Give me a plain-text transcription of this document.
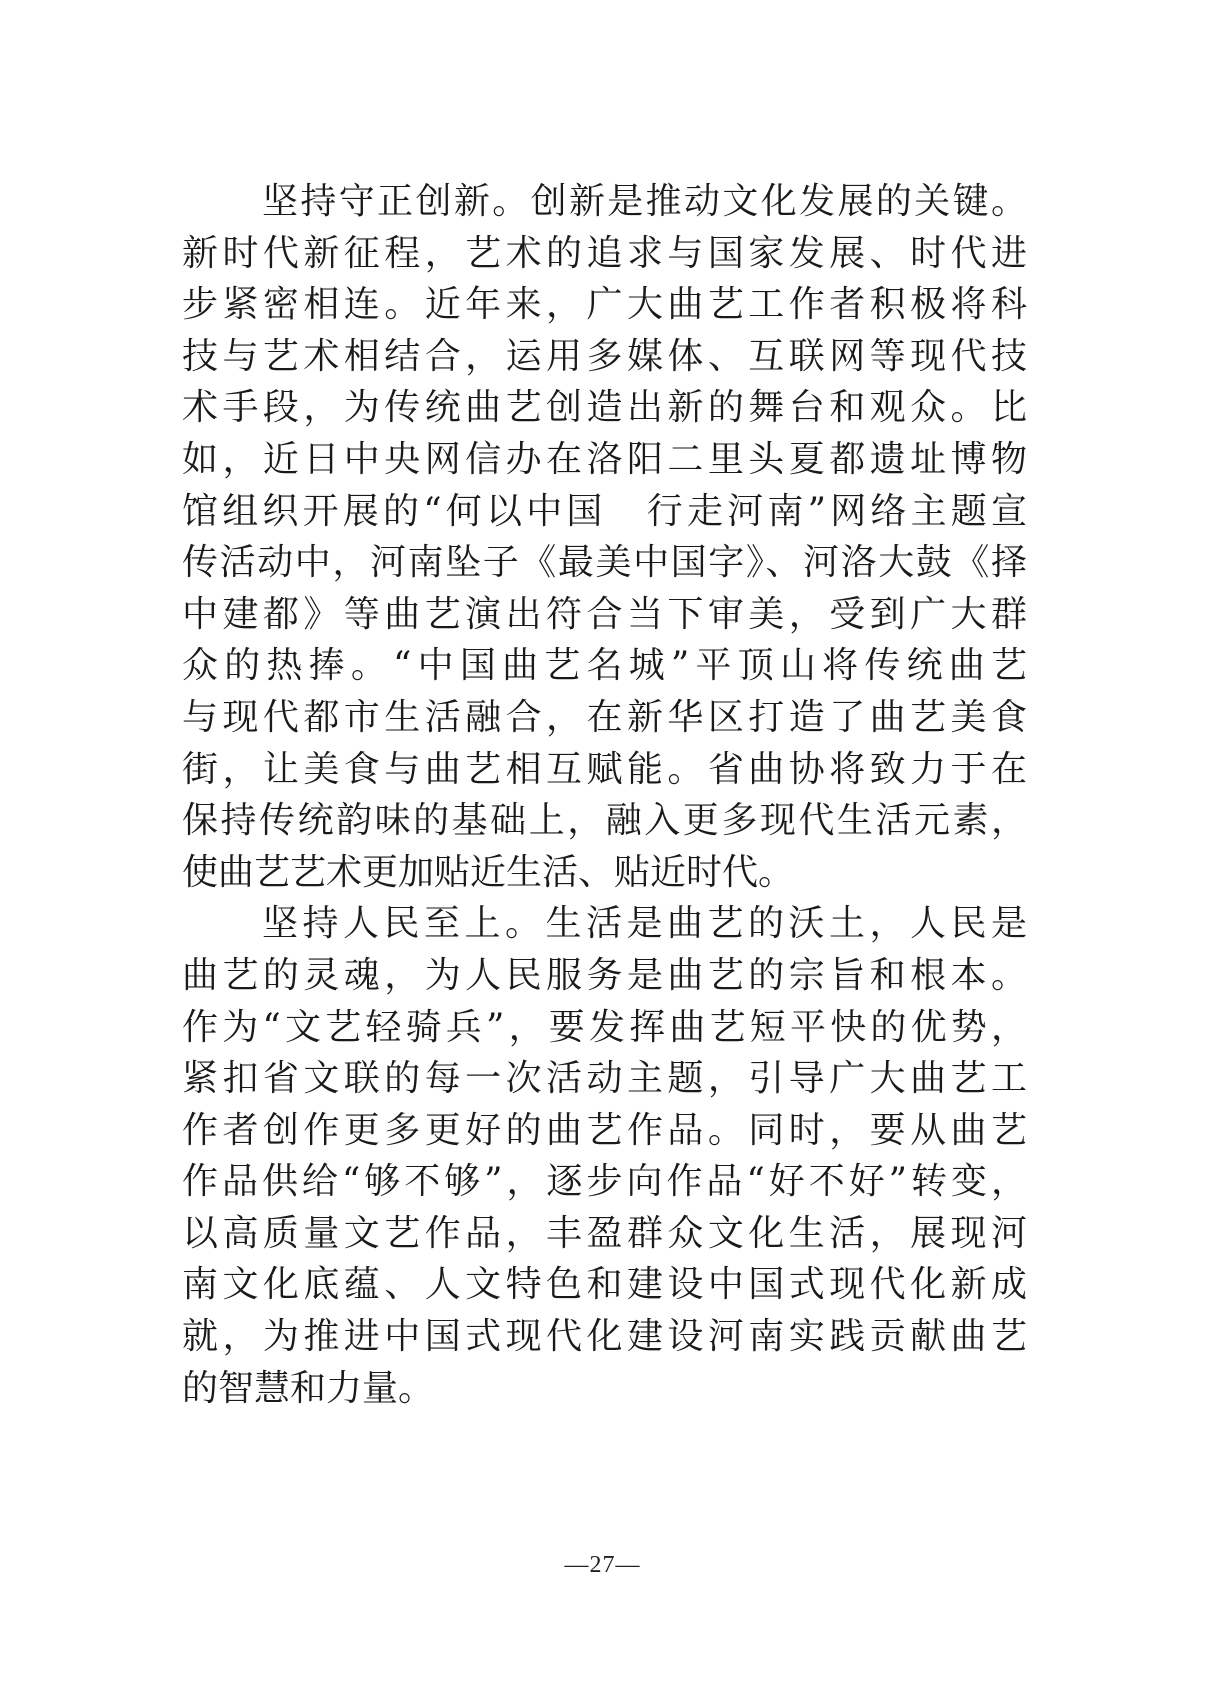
坚持守正创新。创新是推动文化发展的关键。
新时代新征程，艺术的追求与国家发展、时代进
步紧密相连。近年来，广大曲艺工作者积极将科
技与艺术相结合，运用多媒体、互联网等现代技
术手段，为传统曲艺创造出新的舞台和观众。比
如，近日中央网信办在洛阳二里头夏都遗址博物
馆组织开展的“何以中国　行走河南”网络主题宣
传活动中，河南坠子《最美中国字》、河洛大鼓《择
中建都》等曲艺演出符合当下审美，受到广大群
众的热捧。“中国曲艺名城”平顶山将传统曲艺
与现代都市生活融合，在新华区打造了曲艺美食
街，让美食与曲艺相互赋能。省曲协将致力于在
保持传统韵味的基础上，融入更多现代生活元素，
使曲艺艺术更加贴近生活、贴近时代。
坚持人民至上。生活是曲艺的沃土，人民是
曲艺的灵魂，为人民服务是曲艺的宗旨和根本。
作为“文艺轻骑兵”，要发挥曲艺短平快的优势，
紧扣省文联的每一次活动主题，引导广大曲艺工
作者创作更多更好的曲艺作品。同时，要从曲艺
作品供给“够不够”，逐步向作品“好不好”转变，
以高质量文艺作品，丰盈群众文化生活，展现河
南文化底蕴、人文特色和建设中国式现代化新成
就，为推进中国式现代化建设河南实践贡献曲艺
的智慧和力量。
—27—
